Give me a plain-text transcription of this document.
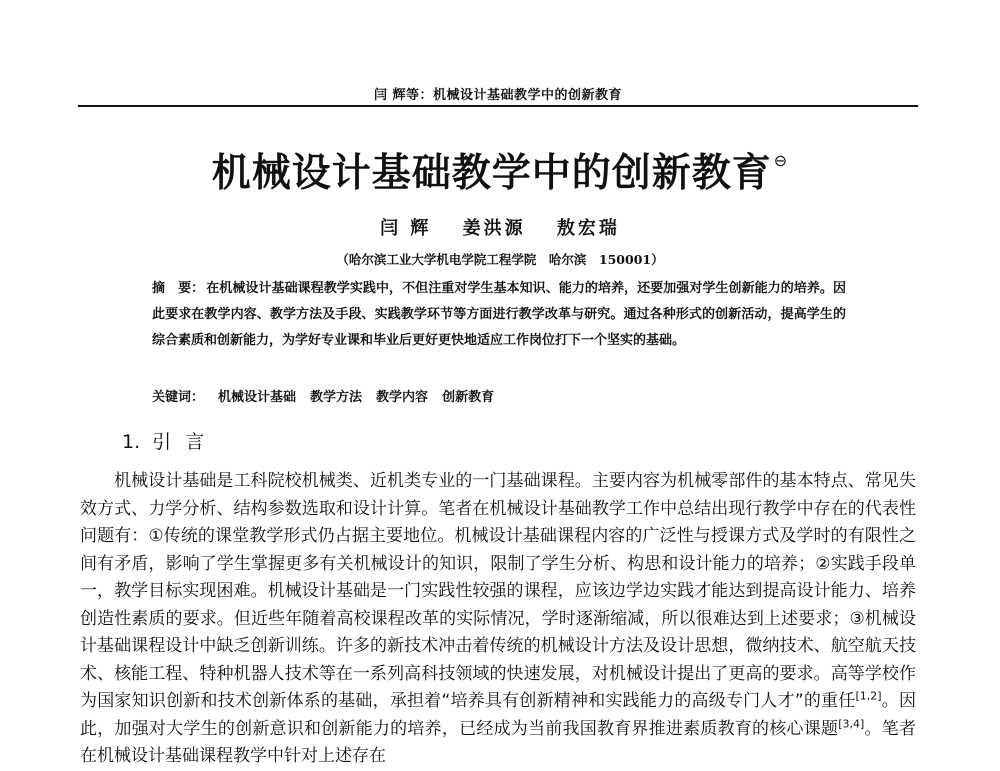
闫 辉等：机械设计基础教学中的创新教育
机械设计基础教学中的创新教育 ⊖
闫 辉 姜洪源 敖宏瑞
（哈尔滨工业大学机电学院工程学院　哈尔滨　150001）
摘　要： 在机械设计基础课程教学实践中，不但注重对学生基本知识、能力的培养，还要加强对学生创新能力的培养。因此要求在教学内容、教学方法及手段、实践教学环节等方面进行教学改革与研究。通过各种形式的创新活动，提高学生的综合素质和创新能力，为学好专业课和毕业后更好更快地适应工作岗位打下一个坚实的基础。
关键词： 机械设计基础 教学方法 教学内容 创新教育
1. 引言
机械设计基础是工科院校机械类、近机类专业的一门基础课程。主要内容为机械零部件的基本特点、常见失效方式、力学分析、结构参数选取和设计计算。笔者在机械设计基础教学工作中总结出现行教学中存在的代表性问题有：①传统的课堂教学形式仍占据主要地位。机械设计基础课程内容的广泛性与授课方式及学时的有限性之间有矛盾，影响了学生掌握更多有关机械设计的知识，限制了学生分析、构思和设计能力的培养；②实践手段单一，教学目标实现困难。机械设计基础是一门实践性较强的课程，应该边学边实践才能达到提高设计能力、培养创造性素质的要求。但近些年随着高校课程改革的实际情况，学时逐渐缩减，所以很难达到上述要求；③机械设计基础课程设计中缺乏创新训练。许多的新技术冲击着传统的机械设计方法及设计思想，微纳技术、航空航天技术、核能工程、特种机器人技术等在一系列高科技领域的快速发展，对机械设计提出了更高的要求。高等学校作为国家知识创新和技术创新体系的基础，承担着“培养具有创新精神和实践能力的高级专门人才”的重任[1,2]。因此，加强对大学生的创新意识和创新能力的培养，已经成为当前我国教育界推进素质教育的核心课题[3,4]。笔者在机械设计基础课程教学中针对上述存在
